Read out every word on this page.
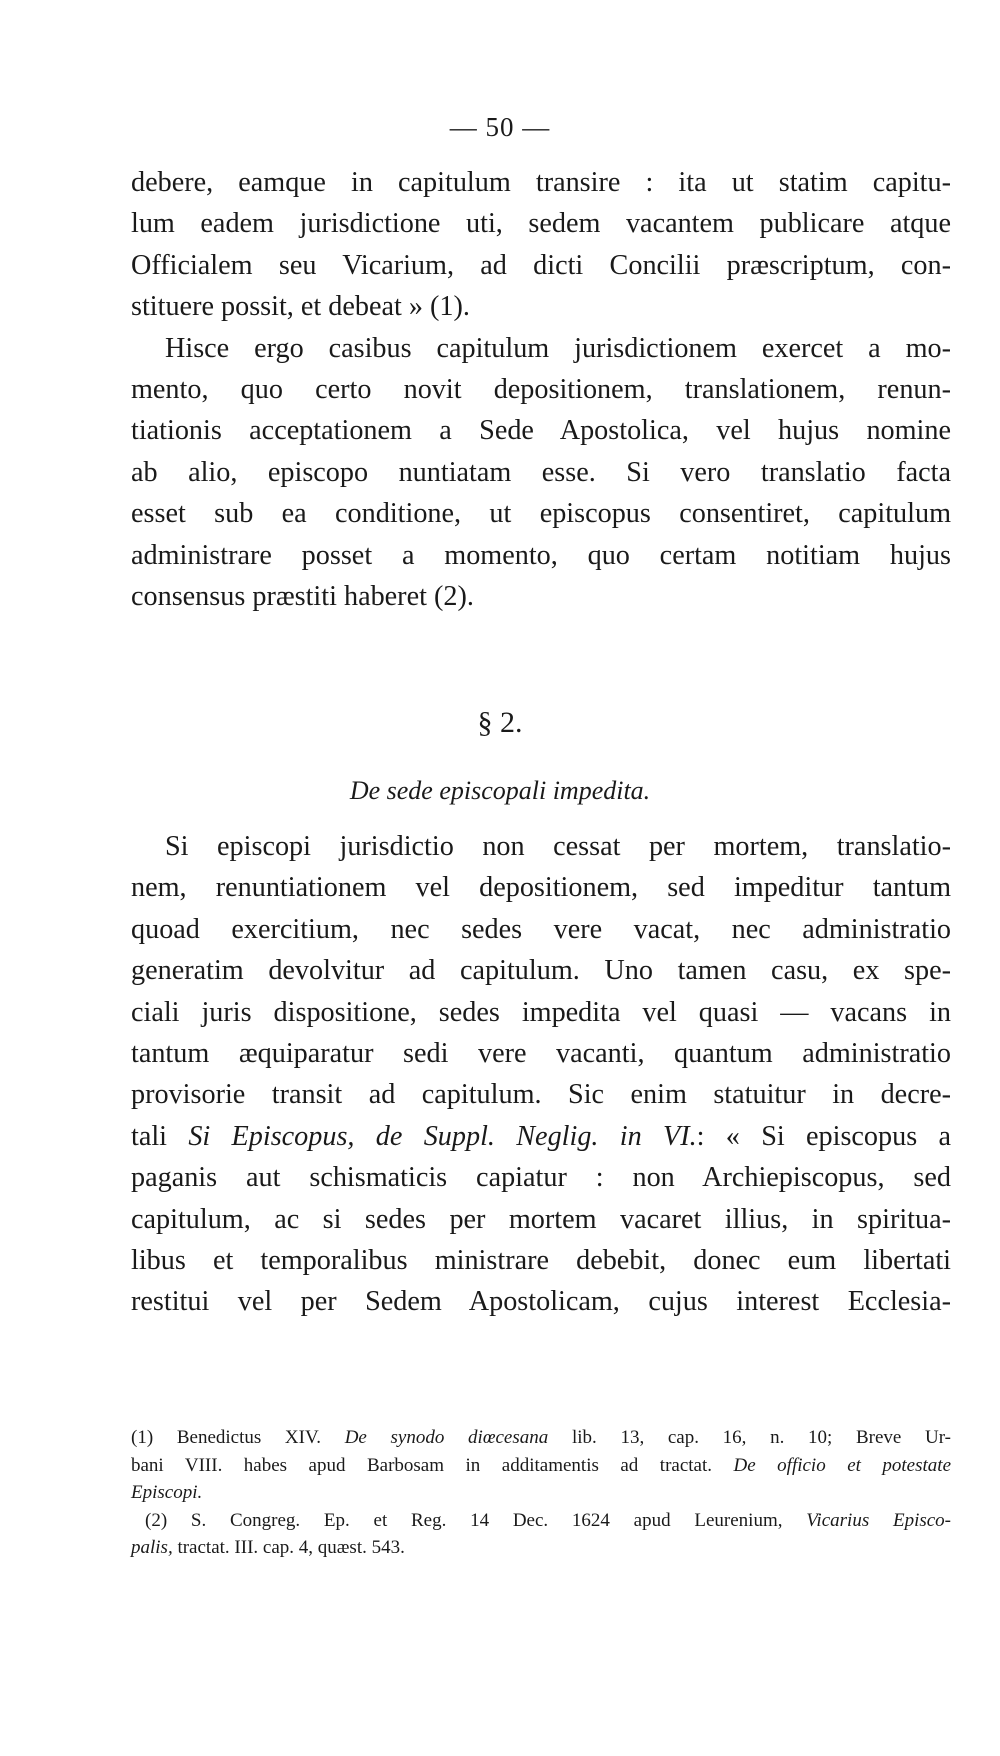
— 50 —
debere, eamque in capitulum transire : ita ut statim capitu-
lum eadem jurisdictione uti, sedem vacantem publicare atque
Officialem seu Vicarium, ad dicti Concilii præscriptum, con-
stituere possit, et debeat » (1).
Hisce ergo casibus capitulum jurisdictionem exercet a mo-
mento, quo certo novit depositionem, translationem, renun-
tiationis acceptationem a Sede Apostolica, vel hujus nomine
ab alio, episcopo nuntiatam esse. Si vero translatio facta
esset sub ea conditione, ut episcopus consentiret, capitulum
administrare posset a momento, quo certam notitiam hujus
consensus præstiti haberet (2).
§ 2.
De sede episcopali impedita.
Si episcopi jurisdictio non cessat per mortem, translatio-
nem, renuntiationem vel depositionem, sed impeditur tantum
quoad exercitium, nec sedes vere vacat, nec administratio
generatim devolvitur ad capitulum. Uno tamen casu, ex spe-
ciali juris dispositione, sedes impedita vel quasi — vacans in
tantum æquiparatur sedi vere vacanti, quantum administratio
provisorie transit ad capitulum. Sic enim statuitur in decre-
tali Si Episcopus, de Suppl. Neglig. in VI.: « Si episcopus a
paganis aut schismaticis capiatur : non Archiepiscopus, sed
capitulum, ac si sedes per mortem vacaret illius, in spiritua-
libus et temporalibus ministrare debebit, donec eum libertati
restitui vel per Sedem Apostolicam, cujus interest Ecclesia-
(1) Benedictus XIV. De synodo diœcesana lib. 13, cap. 16, n. 10; Breve Ur-
bani VIII. habes apud Barbosam in additamentis ad tractat. De officio et potestate
Episcopi.
(2) S. Congreg. Ep. et Reg. 14 Dec. 1624 apud Leurenium, Vicarius Episco-
palis, tractat. III. cap. 4, quæst. 543.
